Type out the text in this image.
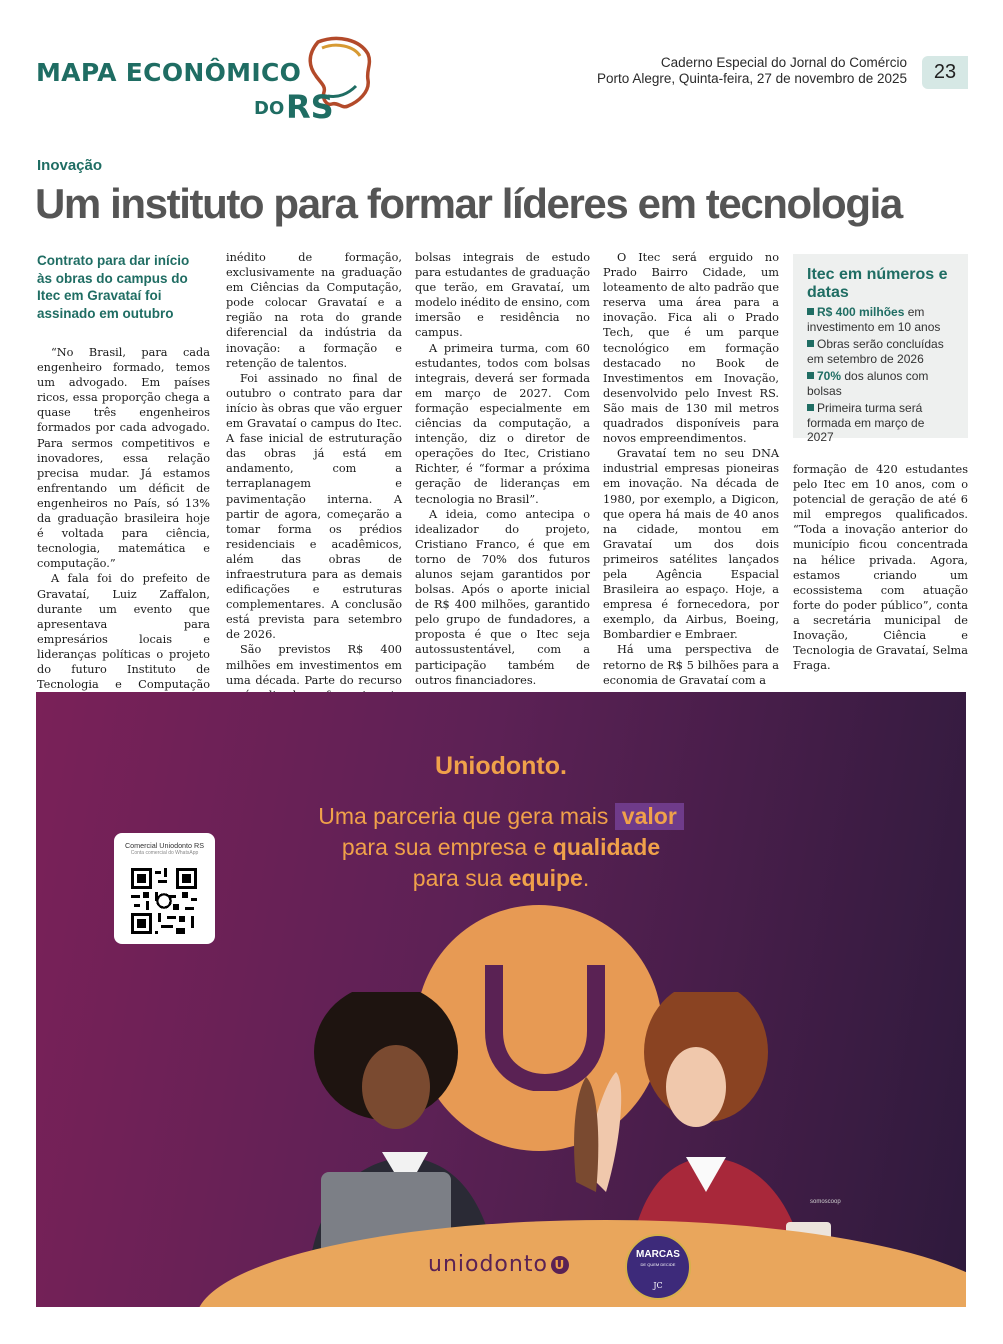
MAPA ECONÔMICO
DO RS
Caderno Especial do Jornal do Comércio
Porto Alegre, Quinta-feira, 27 de novembro de 2025	23
Inovação
Um instituto para formar líderes em tecnologia
Contrato para dar início às obras do campus do Itec em Gravataí foi assinado em outubro

“No Brasil, para cada engenheiro formado, temos um advogado. Em países ricos, essa proporção chega a quase três engenheiros formados por cada advogado. Para sermos competitivos e inovadores, essa relação precisa mudar. Já estamos enfrentando um déficit de engenheiros no País, só 13% da graduação brasileira hoje é voltada para ciência, tecnologia, matemática e computação.”

A fala foi do prefeito de Gravataí, Luiz Zaffalon, durante um evento que apresentava para empresários locais e lideranças políticas o projeto do futuro Instituto de Tecnologia e Computação

inédito de formação, exclusivamente na graduação em Ciências da Computação, pode colocar Gravataí e a região na rota do grande diferencial da indústria da inovação: a formação e retenção de talentos.

Foi assinado no final de outubro o contrato para dar início às obras que vão erguer em Gravataí o campus do Itec. A fase inicial de estruturação das obras já está em andamento, com a terraplanagem e pavimentação interna. A partir de agora, começarão a tomar forma os prédios residenciais e acadêmicos, além das obras de infraestrutura para as demais edificações e estruturas complementares. A conclusão está prevista para setembro de 2026.

São previstos R$ 400 milhões em investimentos em uma década. Parte do recurso

bolsas integrais de estudo para estudantes de graduação que terão, em Gravataí, um modelo inédito de ensino, com imersão e residência no campus.

A primeira turma, com 60 estudantes, todos com bolsas integrais, deverá ser formada em março de 2027. Com formação especialmente em ciências da computação, a intenção, diz o diretor de operações do Itec, Cristiano Richter, é “formar a próxima geração de lideranças em tecnologia no Brasil”.

A ideia, como antecipa o idealizador do projeto, Cristiano Franco, é que em torno de 70% dos futuros alunos sejam garantidos por bolsas. Após o aporte inicial de R$ 400 milhões, garantido pelo grupo de fundadores, a proposta é que o Itec seja autossustentável, com a participação também de outros financiadores.

O Itec será erguido no Prado Bairro Cidade, um loteamento de alto padrão que reserva uma área para a inovação. Fica ali o Prado Tech, que é um parque tecnológico em formação destacado no Book de Investimentos em Inovação, desenvolvido pelo Invest RS. São mais de 130 mil metros quadrados disponíveis para novos empreendimentos.

Gravataí tem no seu DNA industrial empresas pioneiras em inovação. Na década de 1980, por exemplo, a Digicon, que opera há mais de 40 anos na cidade, montou em Gravataí um dos dois primeiros satélites lançados pela Agência Espacial Brasileira ao espaço. Hoje, a empresa é fornecedora, por exemplo, da Airbus, Boeing, Bombardier e Embraer.

Há uma perspectiva de retorno de R$ 5 bilhões para a economia de Gravataí com a

Itec em números e datas
R$ 400 milhões em investimento em 10 anos
Obras serão concluídas em setembro de 2026
70% dos alunos com bolsas
Primeira turma será formada em março de 2027

formação de 420 estudantes pelo Itec em 10 anos, com o potencial de geração de até 6 mil empregos qualificados. “Toda a inovação anterior do município ficou concentrada na hélice privada. Agora, estamos criando um ecossistema com atuação forte do poder público”, conta a secretária municipal de Inovação, Ciência e Tecnologia de Gravataí, Selma Fraga.

Uniodonto.
Uma parceria que gera mais valor
para sua empresa e qualidade
para sua equipe.
Comercial Uniodonto RS
Conta comercial do WhatsApp
uniodonto U
MARCAS
DE QUEM DECIDE
JC
somoscoop
